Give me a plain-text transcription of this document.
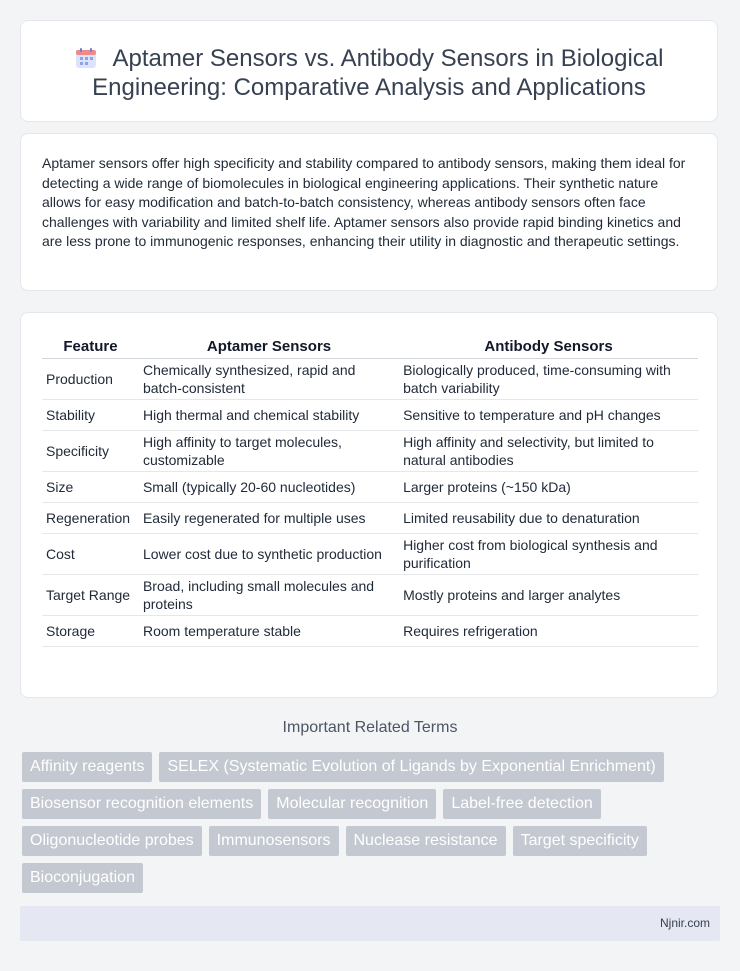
Aptamer Sensors vs. Antibody Sensors in Biological Engineering: Comparative Analysis and Applications
Aptamer sensors offer high specificity and stability compared to antibody sensors, making them ideal for detecting a wide range of biomolecules in biological engineering applications. Their synthetic nature allows for easy modification and batch-to-batch consistency, whereas antibody sensors often face challenges with variability and limited shelf life. Aptamer sensors also provide rapid binding kinetics and are less prone to immunogenic responses, enhancing their utility in diagnostic and therapeutic settings.
Feature	Aptamer Sensors	Antibody Sensors
Production	Chemically synthesized, rapid and batch-consistent	Biologically produced, time-consuming with batch variability
Stability	High thermal and chemical stability	Sensitive to temperature and pH changes
Specificity	High affinity to target molecules, customizable	High affinity and selectivity, but limited to natural antibodies
Size	Small (typically 20-60 nucleotides)	Larger proteins (~150 kDa)
Regeneration	Easily regenerated for multiple uses	Limited reusability due to denaturation
Cost	Lower cost due to synthetic production	Higher cost from biological synthesis and purification
Target Range	Broad, including small molecules and proteins	Mostly proteins and larger analytes
Storage	Room temperature stable	Requires refrigeration
Important Related Terms
Affinity reagents	SELEX (Systematic Evolution of Ligands by Exponential Enrichment)
Biosensor recognition elements	Molecular recognition	Label-free detection
Oligonucleotide probes	Immunosensors	Nuclease resistance	Target specificity
Bioconjugation
Njnir.com
